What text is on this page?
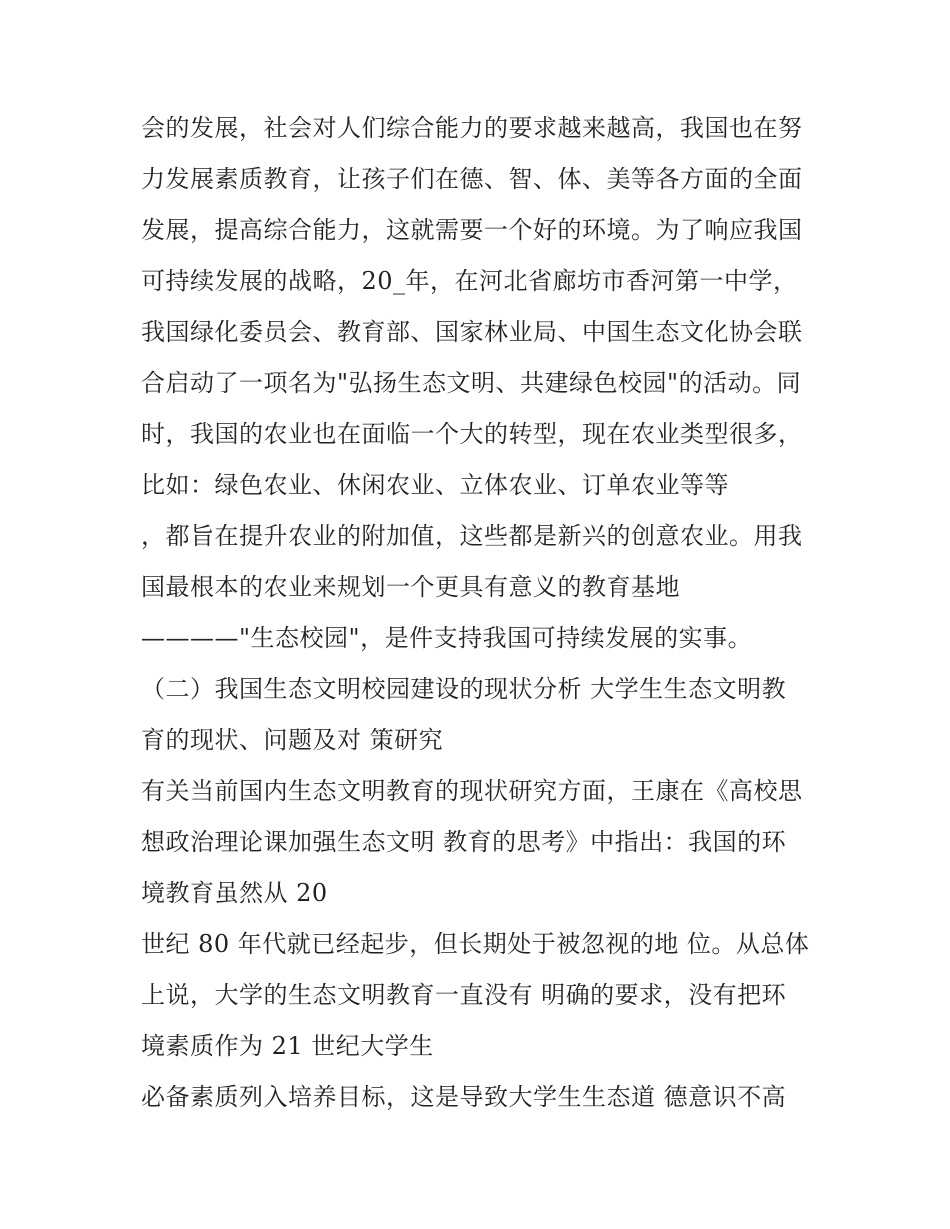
会的发展，社会对人们综合能力的要求越来越高，我国也在努
力发展素质教育，让孩子们在德、智、体、美等各方面的全面
发展，提高综合能力，这就需要一个好的环境。为了响应我国
可持续发展的战略，20_年，在河北省廊坊市香河第一中学，
我国绿化委员会、教育部、国家林业局、中国生态文化协会联
合启动了一项名为"弘扬生态文明、共建绿色校园"的活动。同
时，我国的农业也在面临一个大的转型，现在农业类型很多，
比如：绿色农业、休闲农业、立体农业、订单农业等等
，都旨在提升农业的附加值，这些都是新兴的创意农业。用我
国最根本的农业来规划一个更具有意义的教育基地
————"生态校园"，是件支持我国可持续发展的实事。
（二）我国生态文明校园建设的现状分析 大学生生态文明教
育的现状、问题及对 策研究
有关当前国内生态文明教育的现状研究方面，王康在《高校思
想政治理论课加强生态文明 教育的思考》中指出：我国的环
境教育虽然从 20
世纪 80 年代就已经起步，但长期处于被忽视的地 位。从总体
上说，大学的生态文明教育一直没有 明确的要求，没有把环
境素质作为 21 世纪大学生
必备素质列入培养目标，这是导致大学生生态道 德意识不高
